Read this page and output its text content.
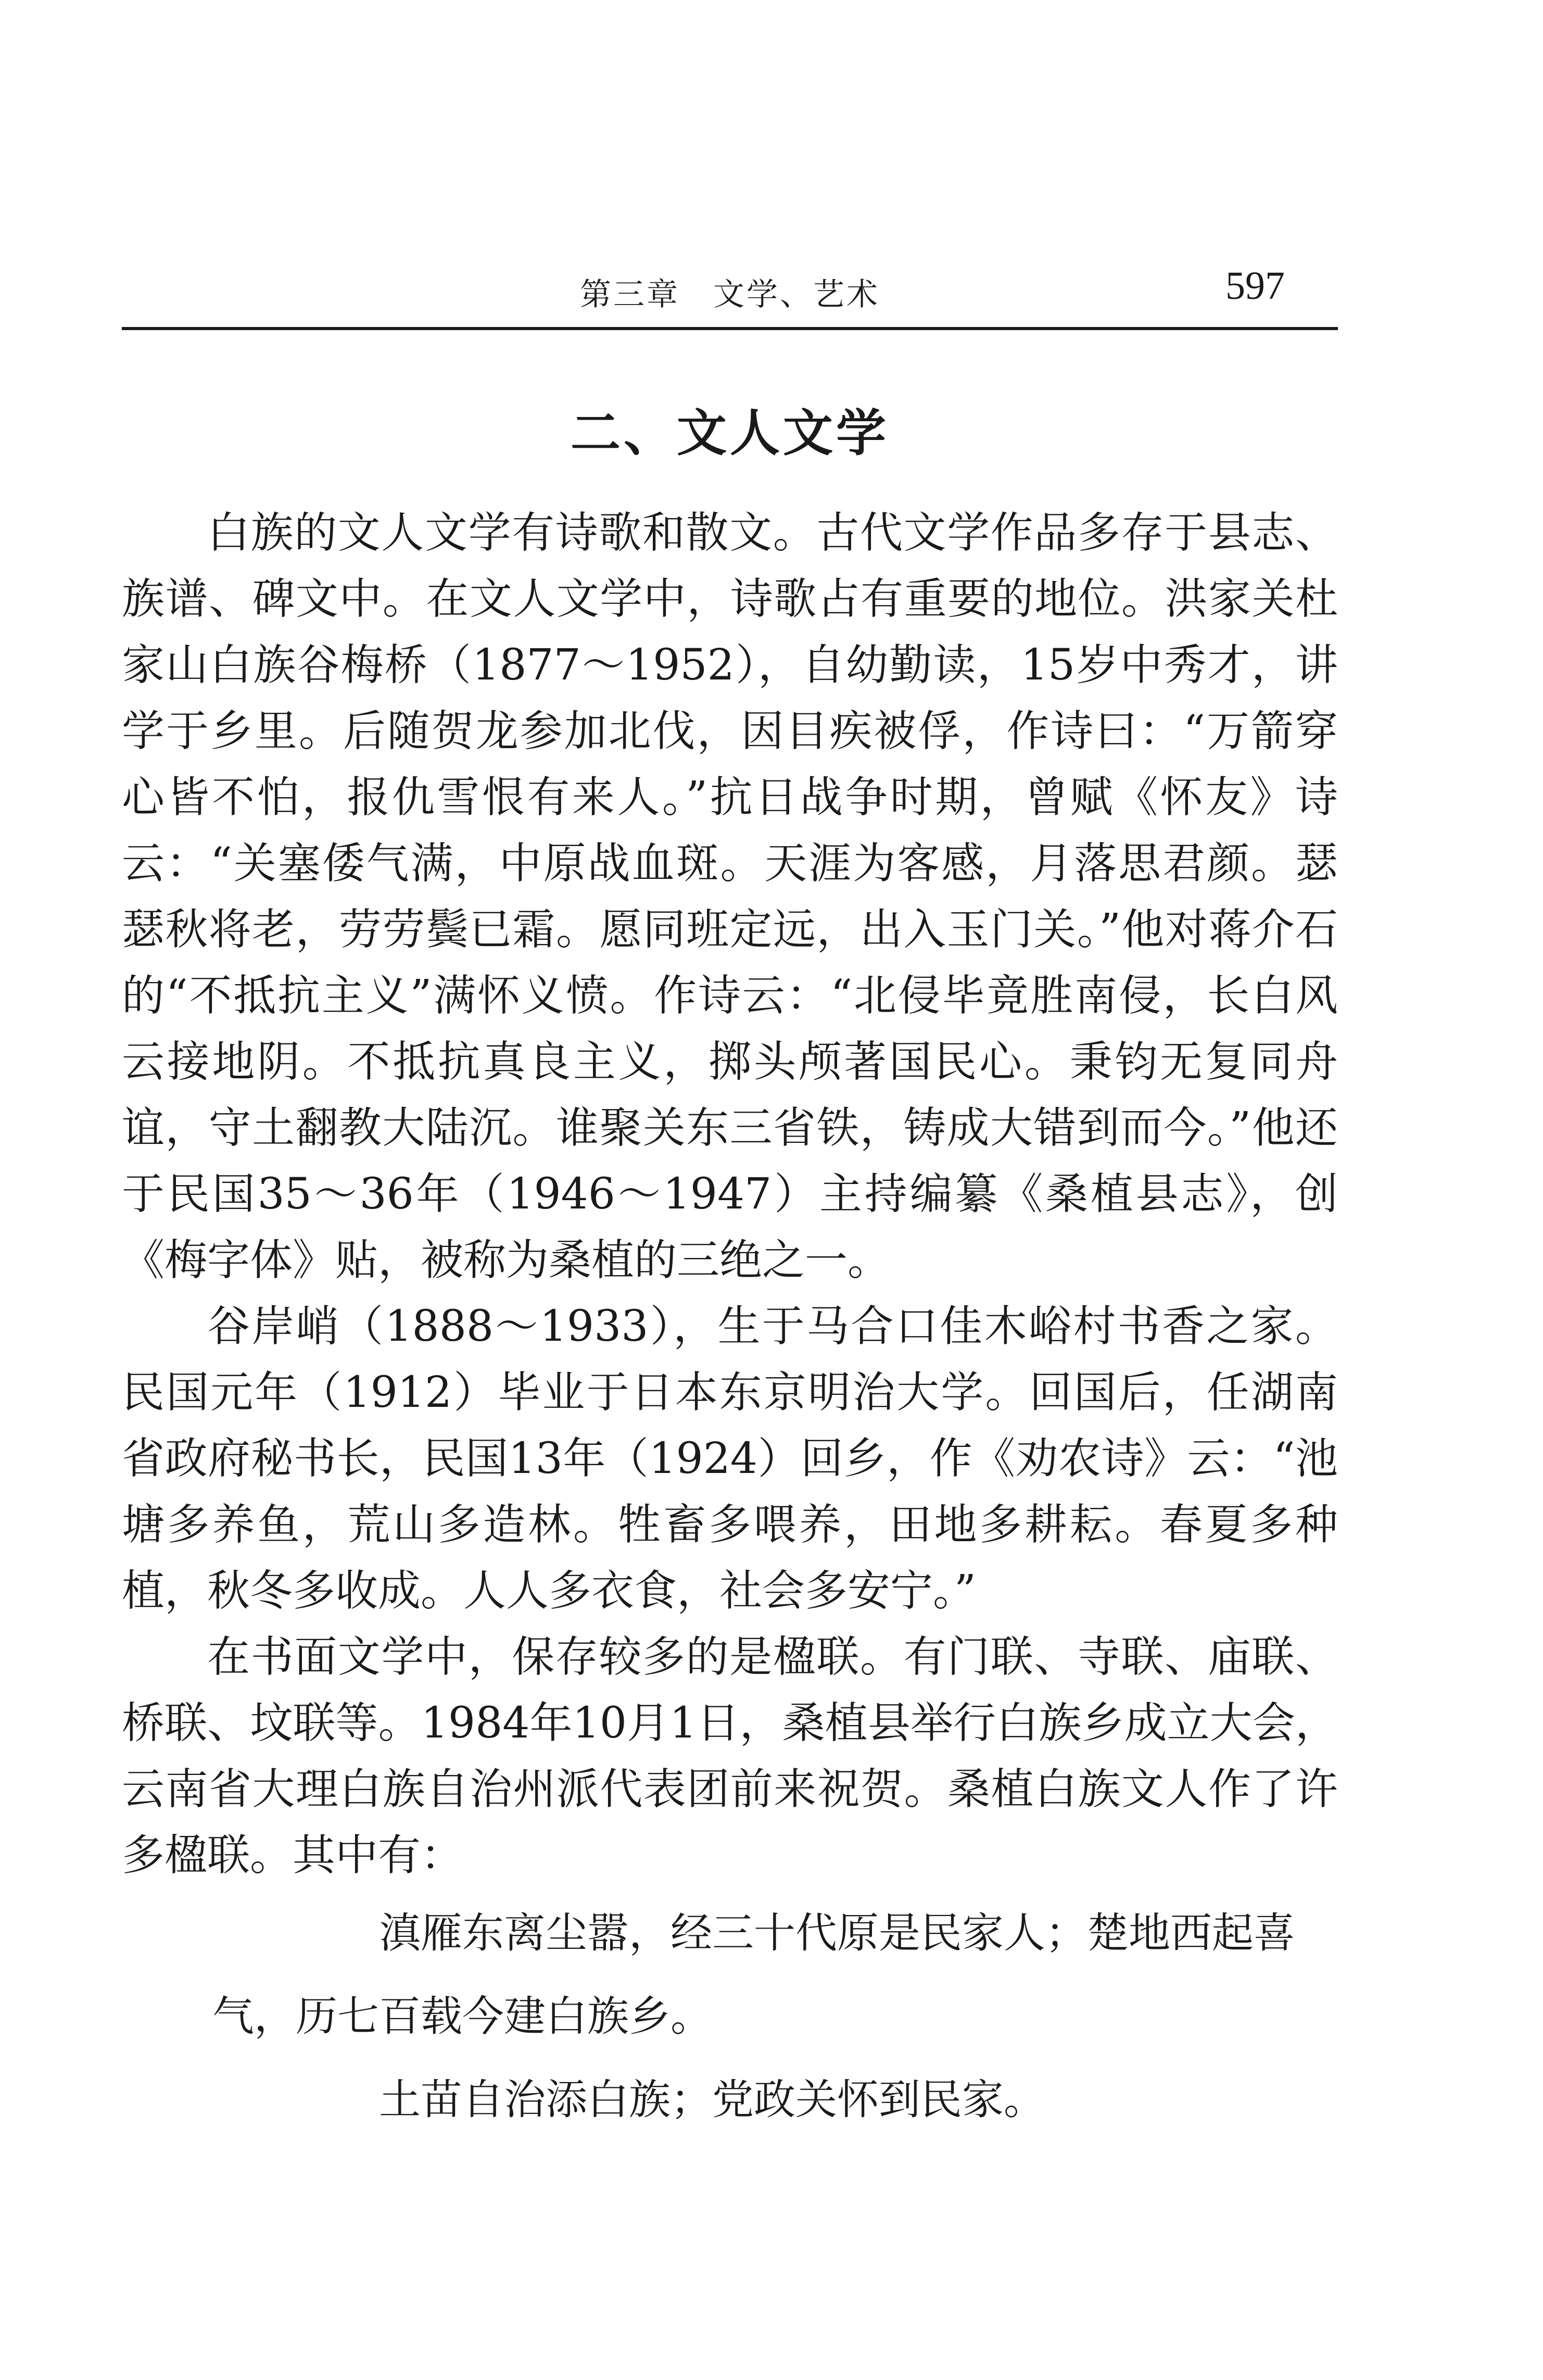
第三章　文学、艺术	597
二、文人文学

白族的文人文学有诗歌和散文。古代文学作品多存于县志、族谱、碑文中。在文人文学中，诗歌占有重要的地位。洪家关杜家山白族谷梅桥（1877～1952），自幼勤读，15岁中秀才，讲学于乡里。后随贺龙参加北伐，因目疾被俘，作诗曰：“万箭穿心皆不怕，报仇雪恨有来人。”抗日战争时期，曾赋《怀友》诗云：“关塞倭气满，中原战血斑。天涯为客感，月落思君颜。瑟瑟秋将老，劳劳鬓已霜。愿同班定远，出入玉门关。”他对蒋介石的“不抵抗主义”满怀义愤。作诗云：“北侵毕竟胜南侵，长白风云接地阴。不抵抗真良主义，掷头颅著国民心。秉钧无复同舟谊，守土翻教大陆沉。谁聚关东三省铁，铸成大错到而今。”他还于民国35～36年（1946～1947）主持编纂《桑植县志》，创《梅字体》贴，被称为桑植的三绝之一。

谷岸峭（1888～1933），生于马合口佳木峪村书香之家。民国元年（1912）毕业于日本东京明治大学。回国后，任湖南省政府秘书长，民国13年（1924）回乡，作《劝农诗》云：“池塘多养鱼，荒山多造林。牲畜多喂养，田地多耕耘。春夏多种植，秋冬多收成。人人多衣食，社会多安宁。”

在书面文学中，保存较多的是楹联。有门联、寺联、庙联、桥联、坟联等。1984年10月1日，桑植县举行白族乡成立大会，云南省大理白族自治州派代表团前来祝贺。桑植白族文人作了许多楹联。其中有：

滇雁东离尘嚣，经三十代原是民家人；楚地西起喜气，历七百载今建白族乡。

土苗自治添白族；党政关怀到民家。
